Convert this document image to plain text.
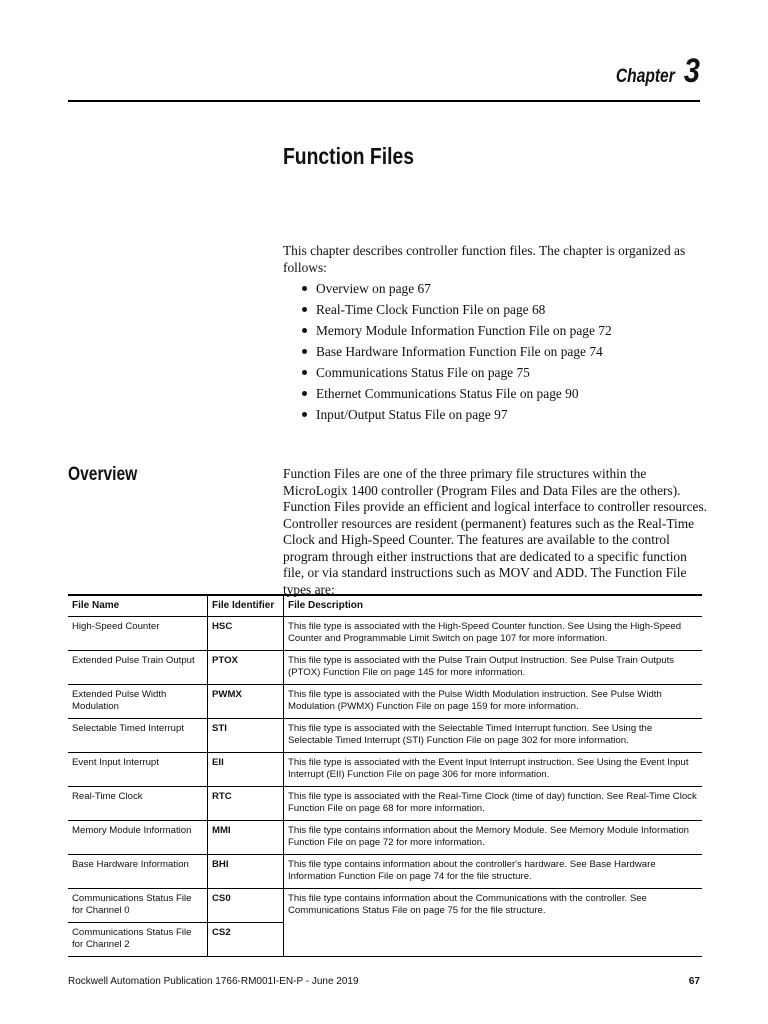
Chapter 3
Function Files

This chapter describes controller function files. The chapter is organized as follows:

Overview on page 67
Real-Time Clock Function File on page 68
Memory Module Information Function File on page 72
Base Hardware Information Function File on page 74
Communications Status File on page 75
Ethernet Communications Status File on page 90
Input/Output Status File on page 97
Overview	Function Files are one of the three primary file structures within the MicroLogix 1400 controller (Program Files and Data Files are the others). Function Files provide an efficient and logical interface to controller resources. Controller resources are resident (permanent) features such as the Real-Time Clock and High-Speed Counter. The features are available to the control program through either instructions that are dedicated to a specific function file, or via standard instructions such as MOV and ADD. The Function File types are:

File Name	File Identifier	File Description
High-Speed Counter	HSC	This file type is associated with the High-Speed Counter function. See Using the High-Speed Counter and Programmable Limit Switch on page 107 for more information.
Extended Pulse Train Output	PTOX	This file type is associated with the Pulse Train Output Instruction. See Pulse Train Outputs (PTOX) Function File on page 145 for more information.
Extended Pulse Width Modulation	PWMX	This file type is associated with the Pulse Width Modulation instruction. See Pulse Width Modulation (PWMX) Function File on page 159 for more information.
Selectable Timed Interrupt	STI	This file type is associated with the Selectable Timed Interrupt function. See Using the Selectable Timed Interrupt (STI) Function File on page 302 for more information.
Event Input Interrupt	EII	This file type is associated with the Event Input Interrupt instruction. See Using the Event Input Interrupt (EII) Function File on page 306 for more information.
Real-Time Clock	RTC	This file type is associated with the Real-Time Clock (time of day) function. See Real-Time Clock Function File on page 68 for more information.
Memory Module Information	MMI	This file type contains information about the Memory Module. See Memory Module Information Function File on page 72 for more information.
Base Hardware Information	BHI	This file type contains information about the controller's hardware. See Base Hardware Information Function File on page 74 for the file structure.
Communications Status File for Channel 0	CS0	This file type contains information about the Communications with the controller. See Communications Status File on page 75 for the file structure.
Communications Status File for Channel 2	CS2	
Rockwell Automation Publication 1766-RM001I-EN-P - June 2019	67
